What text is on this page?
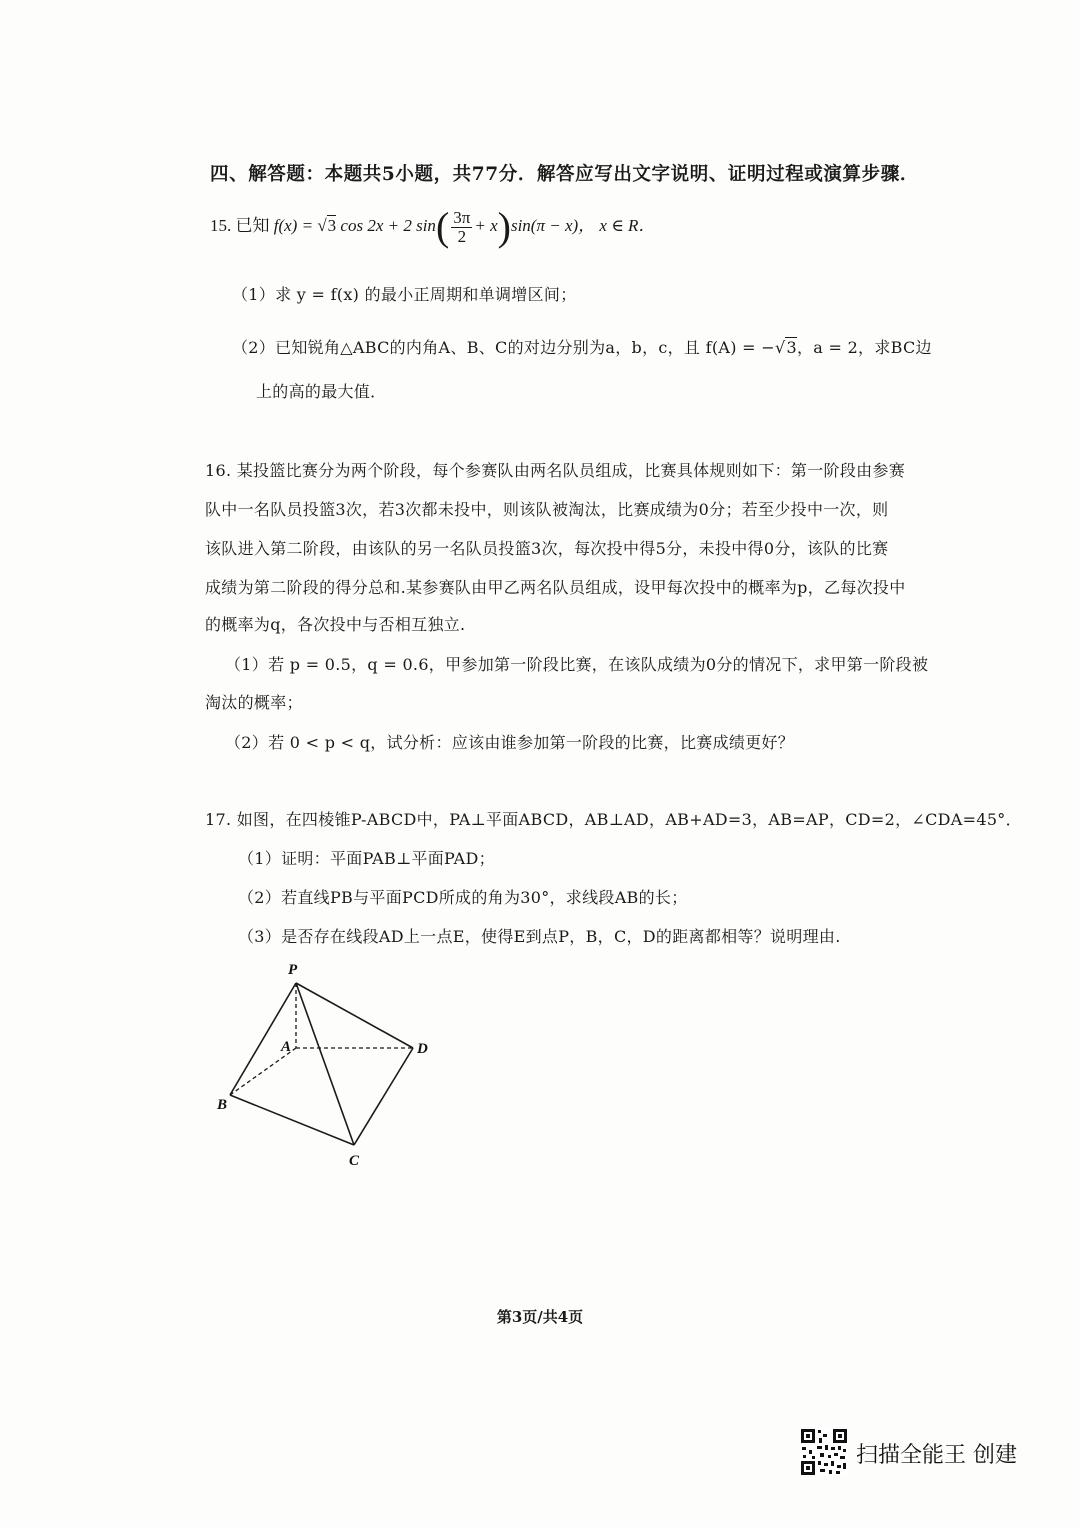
四、解答题：本题共5小题，共77分．解答应写出文字说明、证明过程或演算步骤．
15. 已知 f(x) = √3 cos 2x + 2 $\sin( \frac{3\pi}{2} + x)\sin(\pi - x)$， x ∈ R．
（1）求 y = f(x) 的最小正周期和单调增区间；
（2）已知锐角△ABC的内角A、B、C的对边分别为a，b，c，且 f(A) = −√3，a = 2，求BC边
上的高的最大值．
16. 某投篮比赛分为两个阶段，每个参赛队由两名队员组成，比赛具体规则如下：第一阶段由参赛
队中一名队员投篮3次，若3次都未投中，则该队被淘汰，比赛成绩为0分；若至少投中一次，则
该队进入第二阶段，由该队的另一名队员投篮3次，每次投中得5分，未投中得0分，该队的比赛
成绩为第二阶段的得分总和.某参赛队由甲乙两名队员组成，设甲每次投中的概率为p，乙每次投中
的概率为q，各次投中与否相互独立.
（1）若 p = 0.5，q = 0.6，甲参加第一阶段比赛，在该队成绩为0分的情况下，求甲第一阶段被
淘汰的概率；
（2）若 0 < p < q，试分析：应该由谁参加第一阶段的比赛，比赛成绩更好？
17. 如图，在四棱锥P-ABCD中，PA⊥平面ABCD，AB⊥AD，AB+AD=3，AB=AP，CD=2，∠CDA=45°．
（1）证明：平面PAB⊥平面PAD；
（2）若直线PB与平面PCD所成的角为30°，求线段AB的长；
（3）是否存在线段AD上一点E，使得E到点P，B，C，D的距离都相等？说明理由.
P
A	D
B
C
第3页/共4页
扫描全能王 创建
